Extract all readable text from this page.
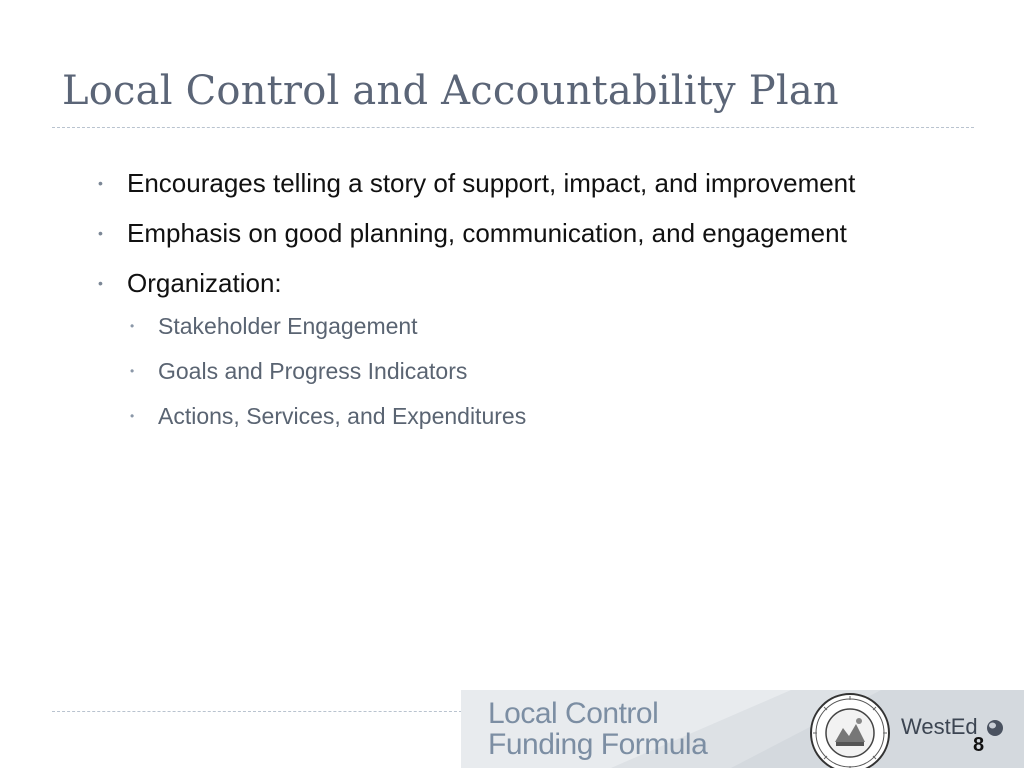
Local Control and Accountability Plan
• Encourages telling a story of support, impact, and improvement
• Emphasis on good planning, communication, and engagement
• Organization:
• Stakeholder Engagement
• Goals and Progress Indicators
• Actions, Services, and Expenditures
Local Control
Funding Formula
WestEd
8
